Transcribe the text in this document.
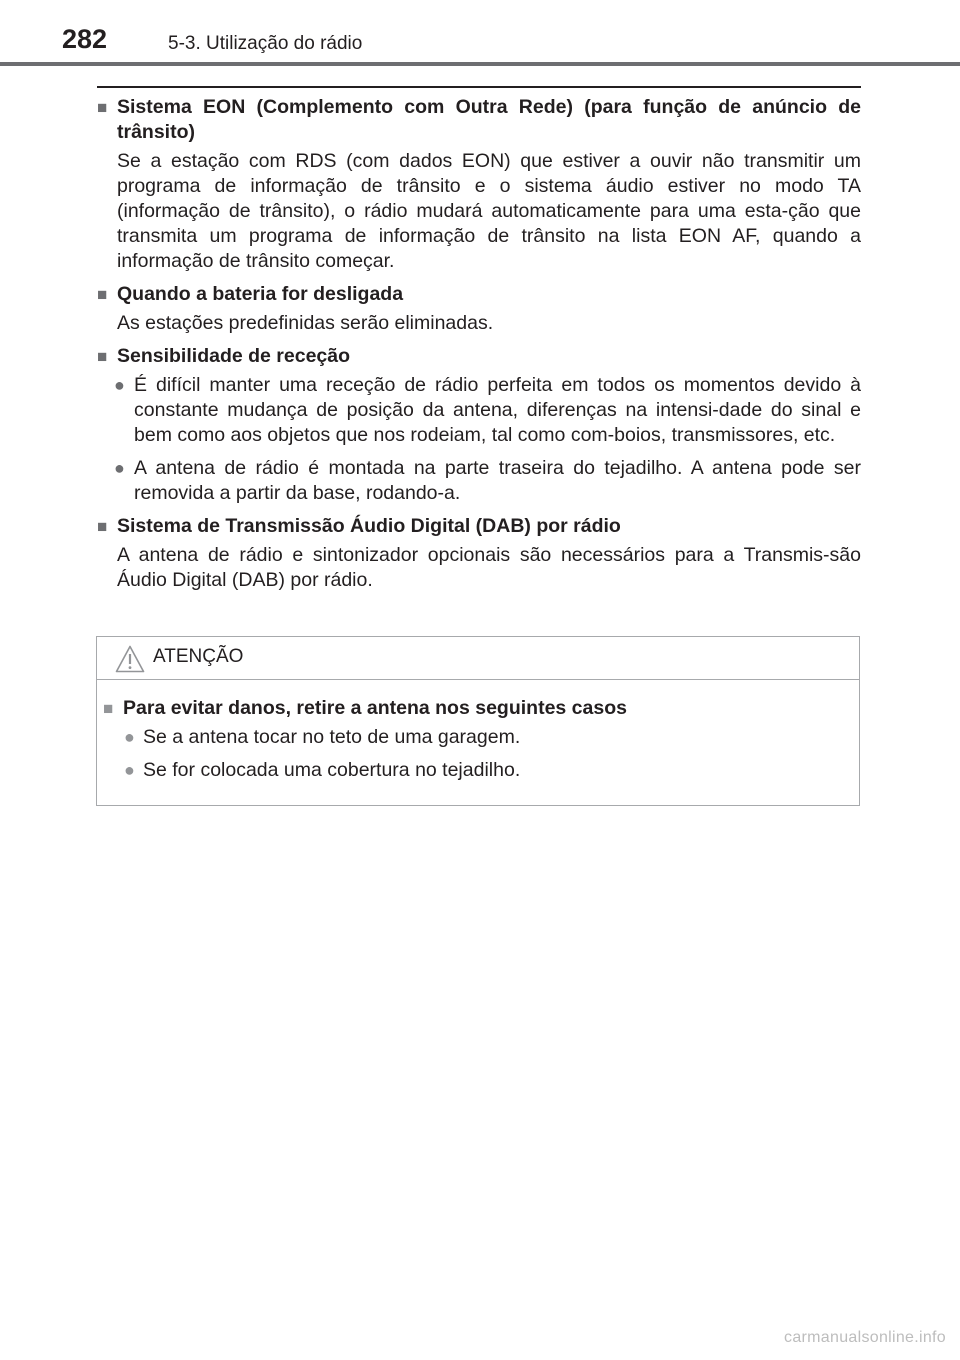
282	5-3. Utilização do rádio
■ Sistema EON (Complemento com Outra Rede) (para função de anúncio de trânsito)
Se a estação com RDS (com dados EON) que estiver a ouvir não transmitir um programa de informação de trânsito e o sistema áudio estiver no modo TA (informação de trânsito), o rádio mudará automaticamente para uma esta-ção que transmita um programa de informação de trânsito na lista EON AF, quando a informação de trânsito começar.
■ Quando a bateria for desligada
As estações predefinidas serão eliminadas.
■ Sensibilidade de receção
● É difícil manter uma receção de rádio perfeita em todos os momentos devido à constante mudança de posição da antena, diferenças na intensi-dade do sinal e bem como aos objetos que nos rodeiam, tal como com-boios, transmissores, etc.
● A antena de rádio é montada na parte traseira do tejadilho. A antena pode ser removida a partir da base, rodando-a.
■ Sistema de Transmissão Áudio Digital (DAB) por rádio
A antena de rádio e sintonizador opcionais são necessários para a Transmis-são Áudio Digital (DAB) por rádio.
ATENÇÃO
■ Para evitar danos, retire a antena nos seguintes casos
● Se a antena tocar no teto de uma garagem.
● Se for colocada uma cobertura no tejadilho.
carmanualsonline.info
